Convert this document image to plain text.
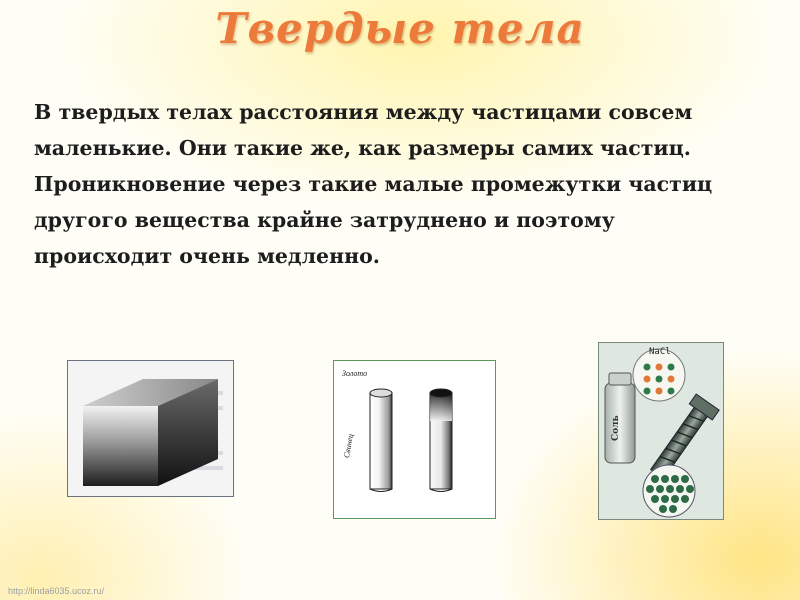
Твердые тела
В твердых телах расстояния между частицами совсем маленькие. Они такие же, как размеры самих частиц. Проникновение через такие малые промежутки частиц другого вещества крайне затруднено и поэтому происходит очень медленно.
Золото
Свинец
NaCl
Соль
http://linda6035.ucoz.ru/
